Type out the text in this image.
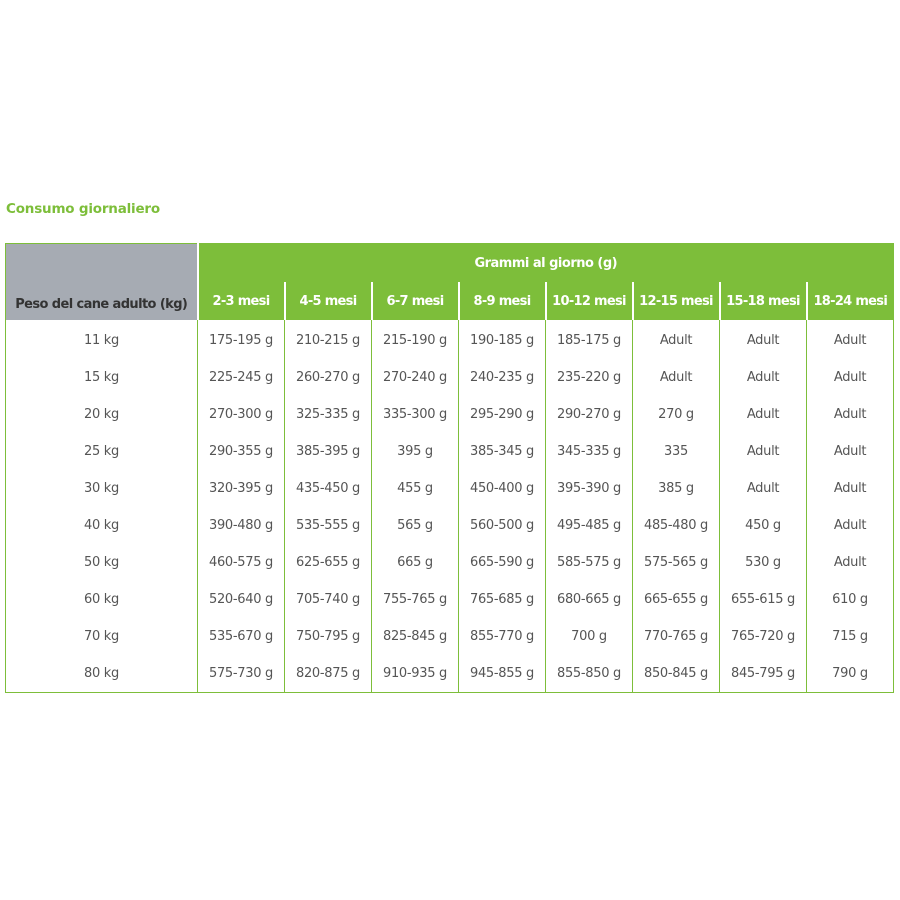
Consumo giornaliero
Peso del cane adulto (kg)	Grammi al giorno (g)							
	2-3 mesi	4-5 mesi	6-7 mesi	8-9 mesi	10-12 mesi	12-15 mesi	15-18 mesi	18-24 mesi
11 kg	175-195 g	210-215 g	215-190 g	190-185 g	185-175 g	Adult	Adult	Adult
15 kg	225-245 g	260-270 g	270-240 g	240-235 g	235-220 g	Adult	Adult	Adult
20 kg	270-300 g	325-335 g	335-300 g	295-290 g	290-270 g	270 g	Adult	Adult
25 kg	290-355 g	385-395 g	395 g	385-345 g	345-335 g	335	Adult	Adult
30 kg	320-395 g	435-450 g	455 g	450-400 g	395-390 g	385 g	Adult	Adult
40 kg	390-480 g	535-555 g	565 g	560-500 g	495-485 g	485-480 g	450 g	Adult
50 kg	460-575 g	625-655 g	665 g	665-590 g	585-575 g	575-565 g	530 g	Adult
60 kg	520-640 g	705-740 g	755-765 g	765-685 g	680-665 g	665-655 g	655-615 g	610 g
70 kg	535-670 g	750-795 g	825-845 g	855-770 g	700 g	770-765 g	765-720 g	715 g
80 kg	575-730 g	820-875 g	910-935 g	945-855 g	855-850 g	850-845 g	845-795 g	790 g
